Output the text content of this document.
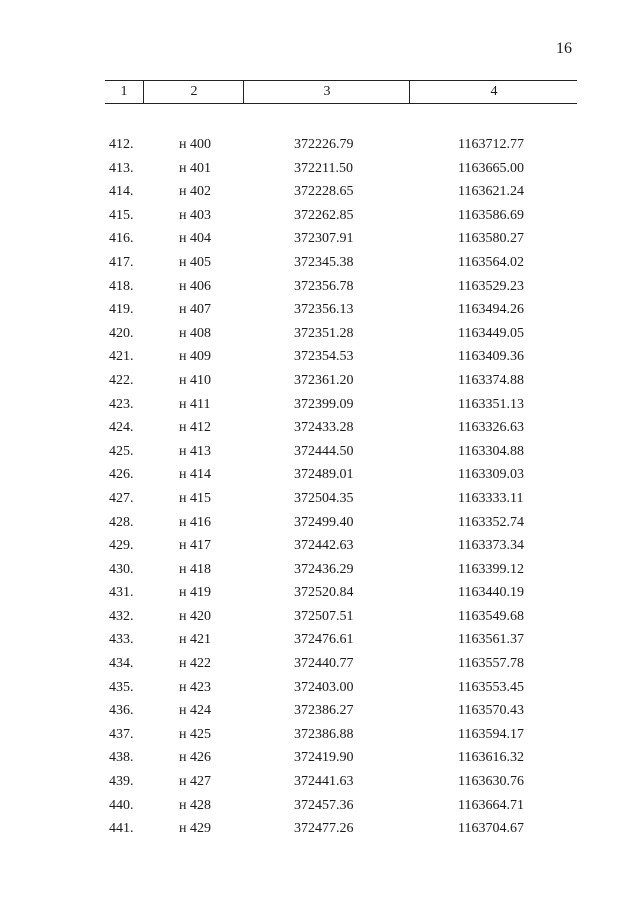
16
1	2	3	4
412.	н 400	372226.79	1163712.77
413.	н 401	372211.50	1163665.00
414.	н 402	372228.65	1163621.24
415.	н 403	372262.85	1163586.69
416.	н 404	372307.91	1163580.27
417.	н 405	372345.38	1163564.02
418.	н 406	372356.78	1163529.23
419.	н 407	372356.13	1163494.26
420.	н 408	372351.28	1163449.05
421.	н 409	372354.53	1163409.36
422.	н 410	372361.20	1163374.88
423.	н 411	372399.09	1163351.13
424.	н 412	372433.28	1163326.63
425.	н 413	372444.50	1163304.88
426.	н 414	372489.01	1163309.03
427.	н 415	372504.35	1163333.11
428.	н 416	372499.40	1163352.74
429.	н 417	372442.63	1163373.34
430.	н 418	372436.29	1163399.12
431.	н 419	372520.84	1163440.19
432.	н 420	372507.51	1163549.68
433.	н 421	372476.61	1163561.37
434.	н 422	372440.77	1163557.78
435.	н 423	372403.00	1163553.45
436.	н 424	372386.27	1163570.43
437.	н 425	372386.88	1163594.17
438.	н 426	372419.90	1163616.32
439.	н 427	372441.63	1163630.76
440.	н 428	372457.36	1163664.71
441.	н 429	372477.26	1163704.67
